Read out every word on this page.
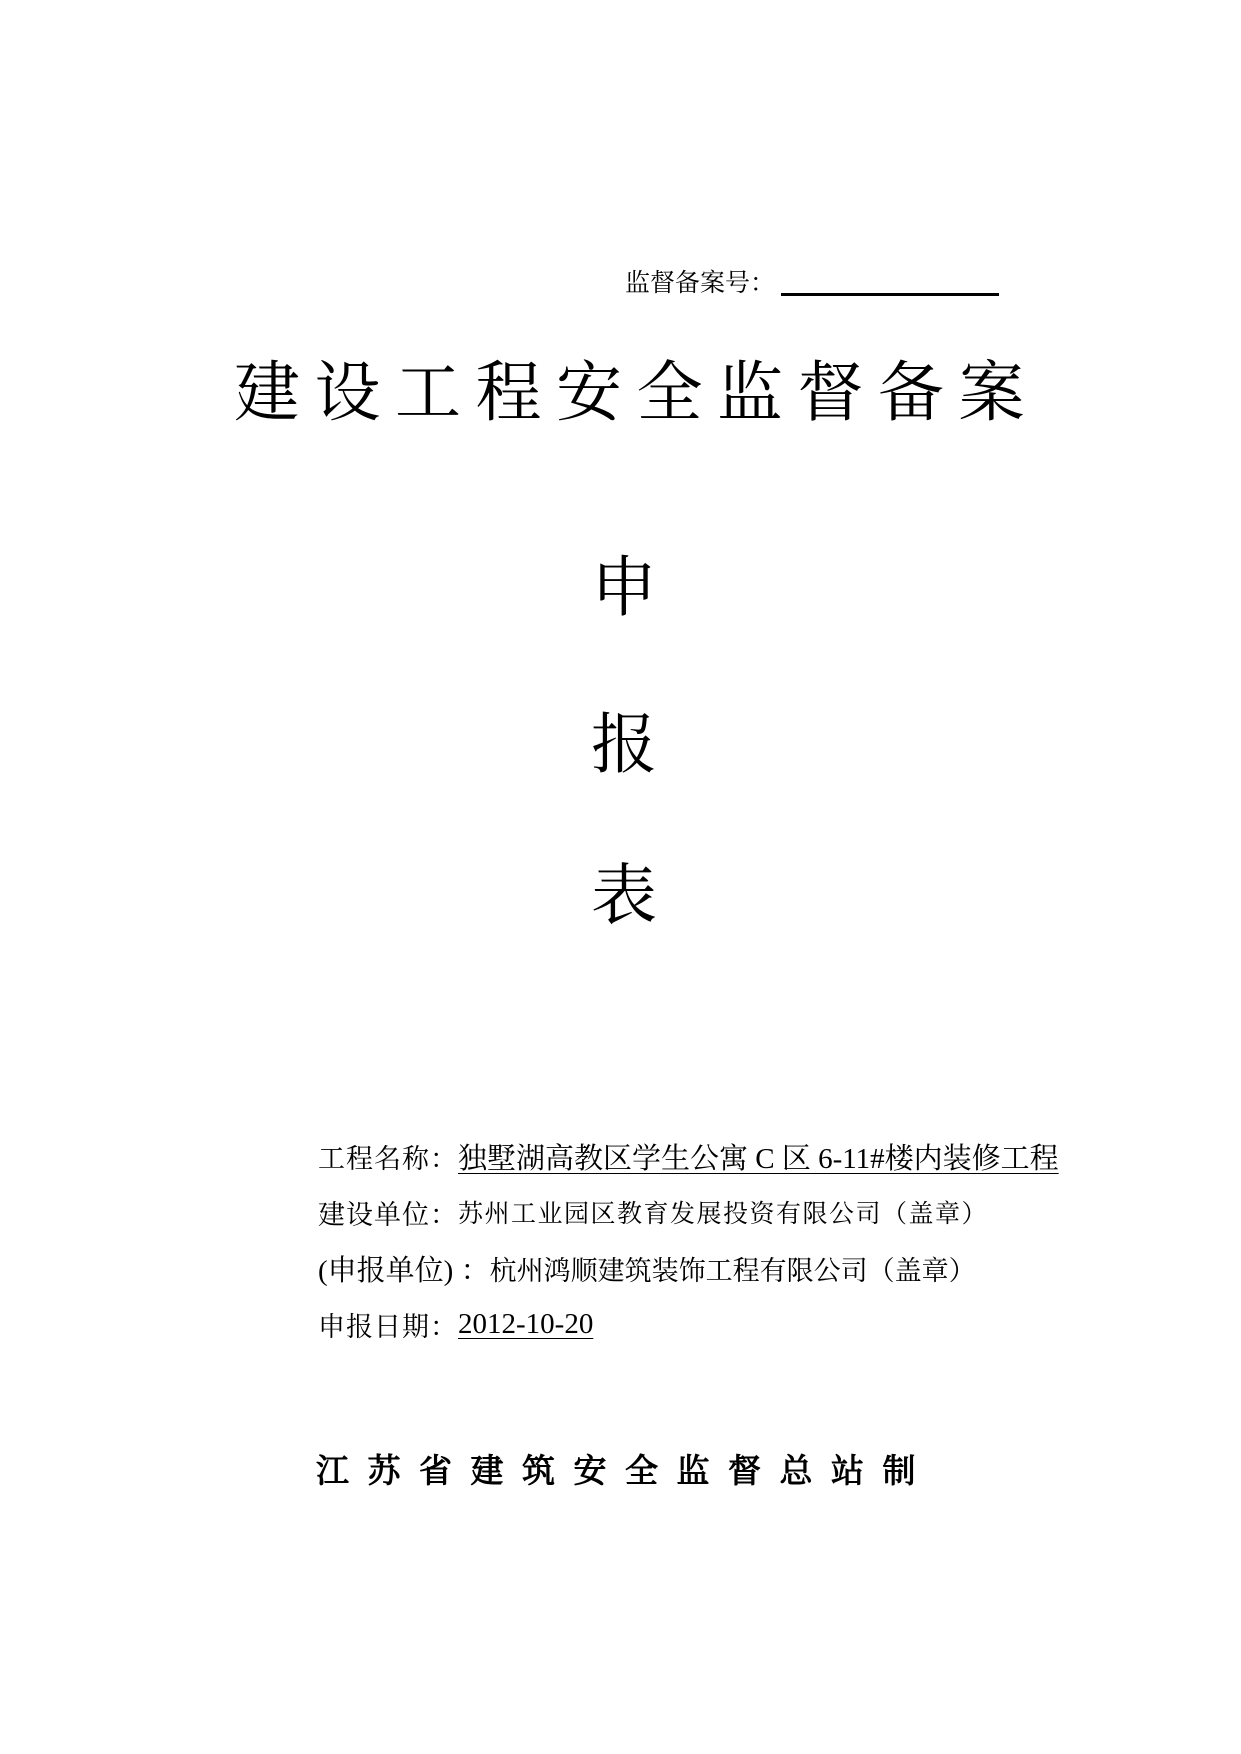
监督备案号：
建设工程安全监督备案
申
报
表
工程名称： 独墅湖高教区学生公寓 C 区 6-11#楼内装修工程
建设单位： 苏州工业园区教育发展投资有限公司（盖章）
(申报单位) ： 杭州鸿顺建筑装饰工程有限公司（盖章）
申报日期： 2012-10-20
江苏省建筑安全监督总站制
